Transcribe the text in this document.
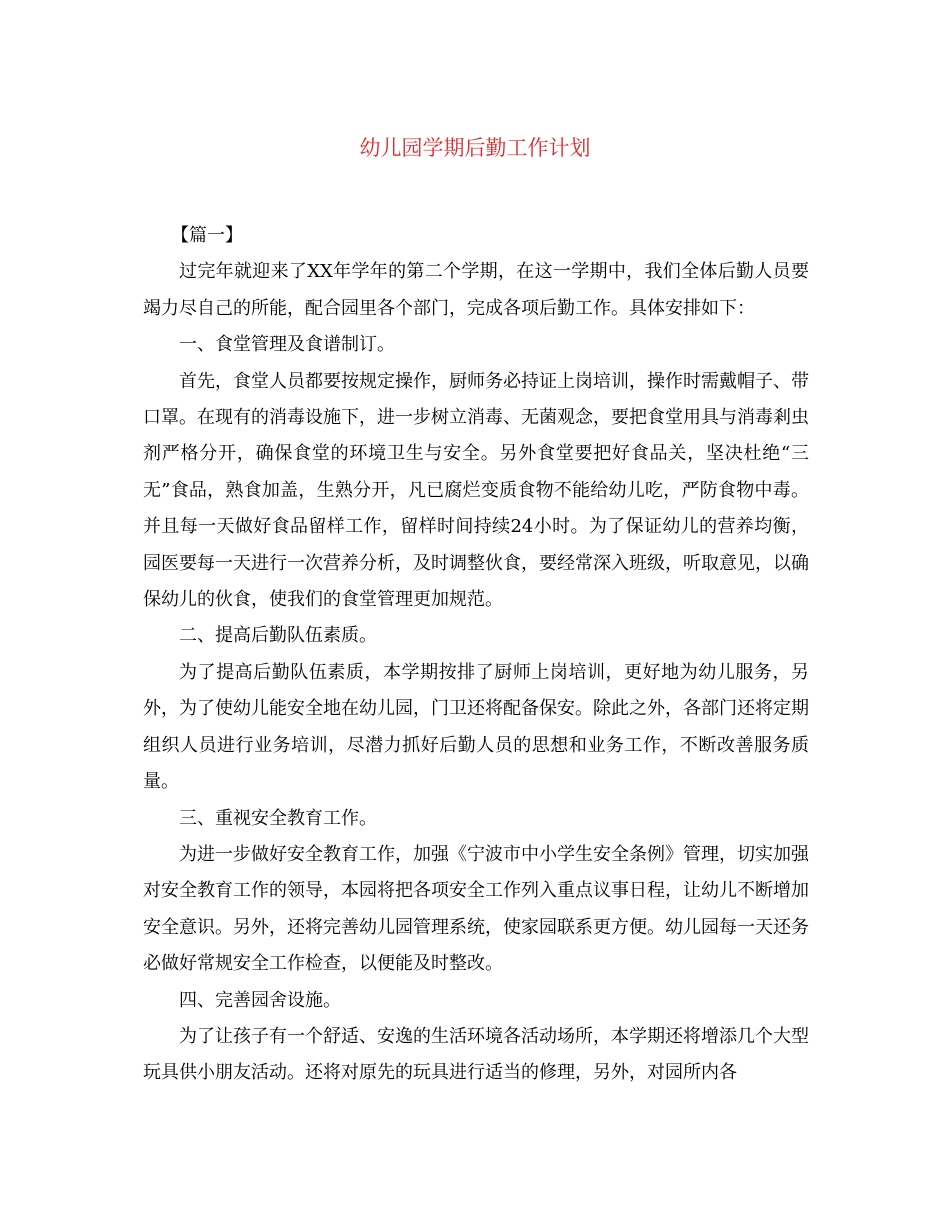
幼儿园学期后勤工作计划

【篇一】

过完年就迎来了XX年学年的第二个学期，在这一学期中，我们全体后勤人员要竭力尽自己的所能，配合园里各个部门，完成各项后勤工作。具体安排如下：

一、食堂管理及食谱制订。

首先，食堂人员都要按规定操作，厨师务必持证上岗培训，操作时需戴帽子、带口罩。在现有的消毒设施下，进一步树立消毒、无菌观念，要把食堂用具与消毒剎虫剂严格分开，确保食堂的环境卫生与安全。另外食堂要把好食品关，坚决杜绝“三无”食品，熟食加盖，生熟分开，凡已腐烂变质食物不能给幼儿吃，严防食物中毒。并且每一天做好食品留样工作，留样时间持续24小时。为了保证幼儿的营养均衡，园医要每一天进行一次营养分析，及时调整伙食，要经常深入班级，听取意见，以确保幼儿的伙食，使我们的食堂管理更加规范。

二、提高后勤队伍素质。

为了提高后勤队伍素质，本学期按排了厨师上岗培训，更好地为幼儿服务，另外，为了使幼儿能安全地在幼儿园，门卫还将配备保安。除此之外，各部门还将定期组织人员进行业务培训，尽潜力抓好后勤人员的思想和业务工作，不断改善服务质量。

三、重视安全教育工作。

为进一步做好安全教育工作，加强《宁波市中小学生安全条例》管理，切实加强对安全教育工作的领导，本园将把各项安全工作列入重点议事日程，让幼儿不断增加安全意识。另外，还将完善幼儿园管理系统，使家园联系更方便。幼儿园每一天还务必做好常规安全工作检查，以便能及时整改。

四、完善园舍设施。

为了让孩子有一个舒适、安逸的生活环境各活动场所，本学期还将增添几个大型玩具供小朋友活动。还将对原先的玩具进行适当的修理，另外，对园所内各
